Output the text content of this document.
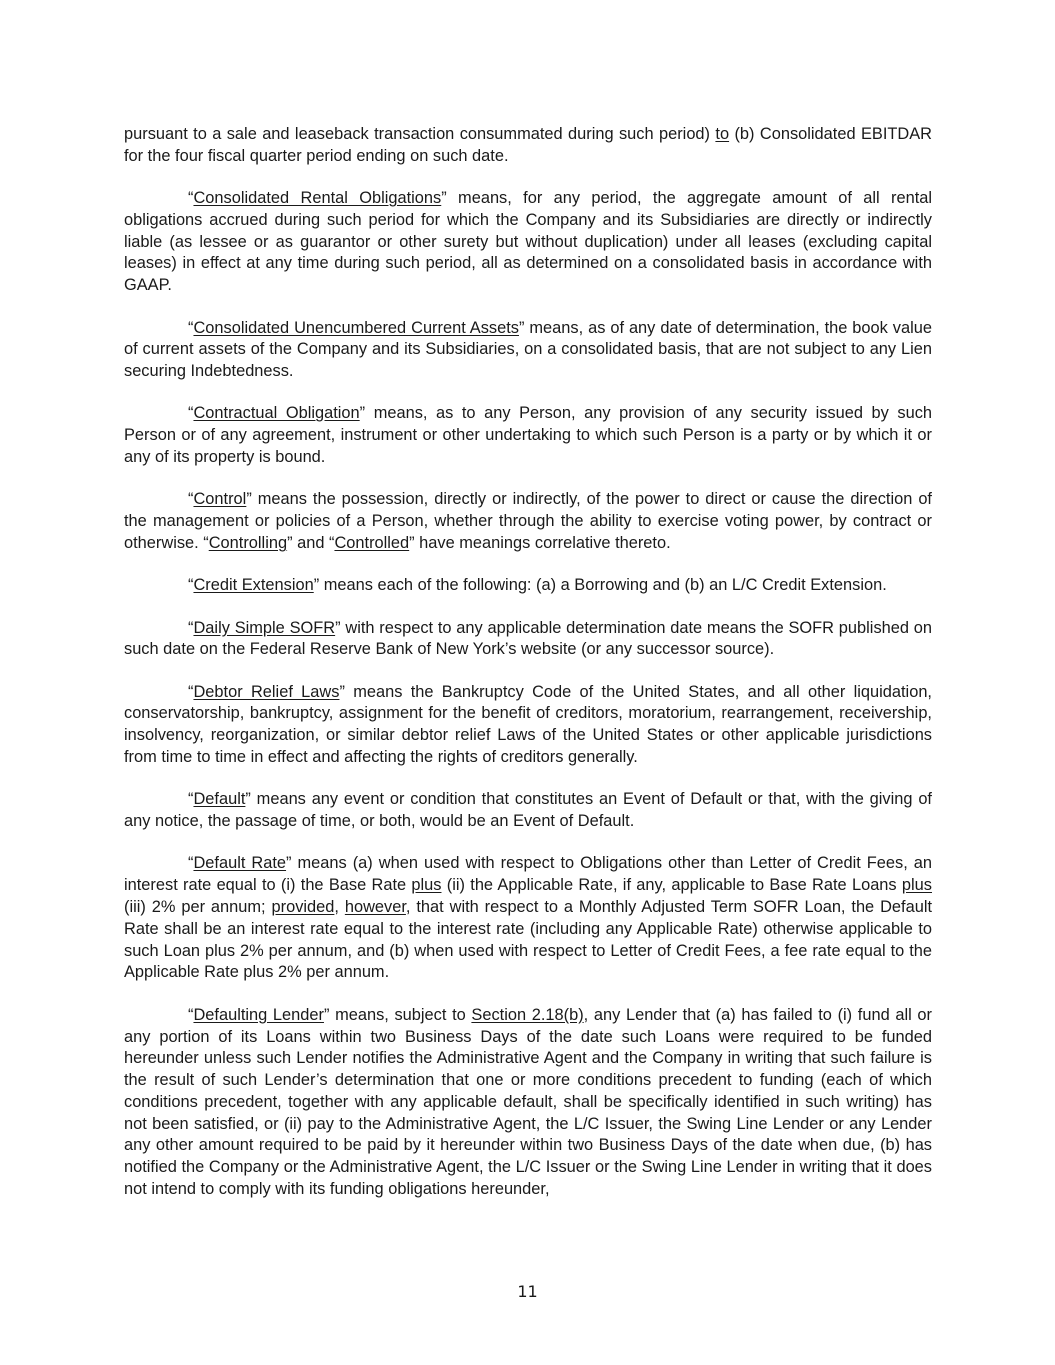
pursuant to a sale and leaseback transaction consummated during such period) to (b) Consolidated EBITDAR for the four fiscal quarter period ending on such date.

“Consolidated Rental Obligations” means, for any period, the aggregate amount of all rental obligations accrued during such period for which the Company and its Subsidiaries are directly or indirectly liable (as lessee or as guarantor or other surety but without duplication) under all leases (excluding capital leases) in effect at any time during such period, all as determined on a consolidated basis in accordance with GAAP.

“Consolidated Unencumbered Current Assets” means, as of any date of determination, the book value of current assets of the Company and its Subsidiaries, on a consolidated basis, that are not subject to any Lien securing Indebtedness.

“Contractual Obligation” means, as to any Person, any provision of any security issued by such Person or of any agreement, instrument or other undertaking to which such Person is a party or by which it or any of its property is bound.

“Control” means the possession, directly or indirectly, of the power to direct or cause the direction of the management or policies of a Person, whether through the ability to exercise voting power, by contract or otherwise. “Controlling” and “Controlled” have meanings correlative thereto.

“Credit Extension” means each of the following: (a) a Borrowing and (b) an L/C Credit Extension.

“Daily Simple SOFR” with respect to any applicable determination date means the SOFR published on such date on the Federal Reserve Bank of New York’s website (or any successor source).

“Debtor Relief Laws” means the Bankruptcy Code of the United States, and all other liquidation, conservatorship, bankruptcy, assignment for the benefit of creditors, moratorium, rearrangement, receivership, insolvency, reorganization, or similar debtor relief Laws of the United States or other applicable jurisdictions from time to time in effect and affecting the rights of creditors generally.

“Default” means any event or condition that constitutes an Event of Default or that, with the giving of any notice, the passage of time, or both, would be an Event of Default.

“Default Rate” means (a) when used with respect to Obligations other than Letter of Credit Fees, an interest rate equal to (i) the Base Rate plus (ii) the Applicable Rate, if any, applicable to Base Rate Loans plus (iii) 2% per annum; provided, however, that with respect to a Monthly Adjusted Term SOFR Loan, the Default Rate shall be an interest rate equal to the interest rate (including any Applicable Rate) otherwise applicable to such Loan plus 2% per annum, and (b) when used with respect to Letter of Credit Fees, a fee rate equal to the Applicable Rate plus 2% per annum.

“Defaulting Lender” means, subject to Section 2.18(b), any Lender that (a) has failed to (i) fund all or any portion of its Loans within two Business Days of the date such Loans were required to be funded hereunder unless such Lender notifies the Administrative Agent and the Company in writing that such failure is the result of such Lender’s determination that one or more conditions precedent to funding (each of which conditions precedent, together with any applicable default, shall be specifically identified in such writing) has not been satisfied, or (ii) pay to the Administrative Agent, the L/C Issuer, the Swing Line Lender or any Lender any other amount required to be paid by it hereunder within two Business Days of the date when due, (b) has notified the Company or the Administrative Agent, the L/C Issuer or the Swing Line Lender in writing that it does not intend to comply with its funding obligations hereunder,

11
